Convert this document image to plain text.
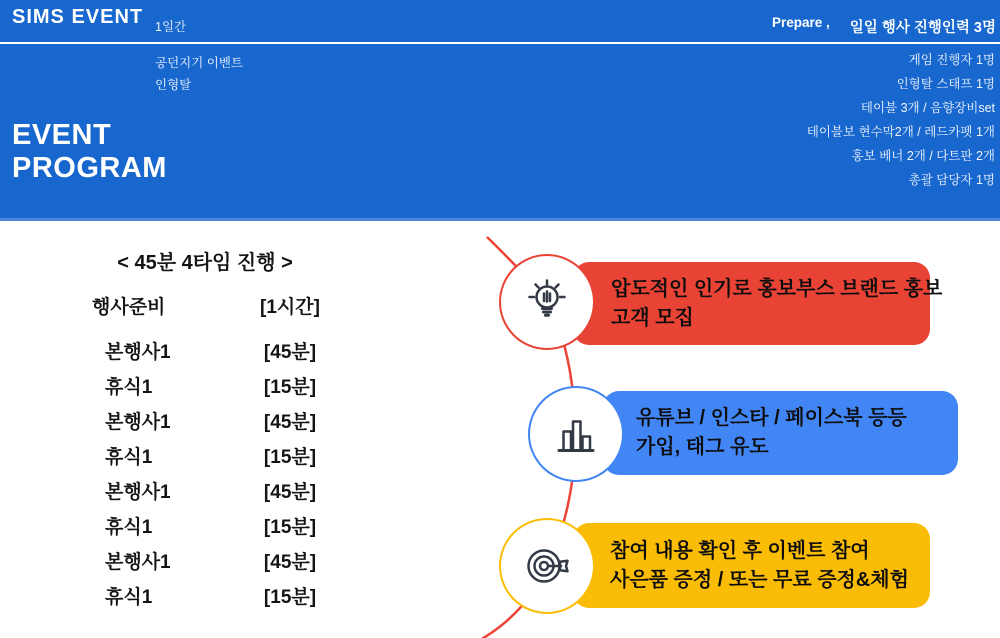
SIMS EVENT 1일간	Prepare , 일일 행사 진행인력 3명
공던지기 이벤트
인형탈
게임 진행자 1명
인형탈 스태프 1명
테이블 3개 / 음향장비set
테이블보 현수막2개 / 레드카펫 1개
홍보 베너 2개 / 다트판 2개
총괄 담당자 1명
EVENT
PROGRAM
< 45분 4타임 진행 >
행사준비	[1시간]
본행사1	[45분]
휴식1	[15분]
본행사1	[45분]
휴식1	[15분]
본행사1	[45분]
휴식1	[15분]
본행사1	[45분]
휴식1	[15분]
압도적인 인기로 홍보부스 브랜드 홍보
고객 모집
유튜브 / 인스타 / 페이스북 등등
가입, 태그 유도
참여 내용 확인 후 이벤트 참여
사은품 증정 / 또는 무료 증정&체험
